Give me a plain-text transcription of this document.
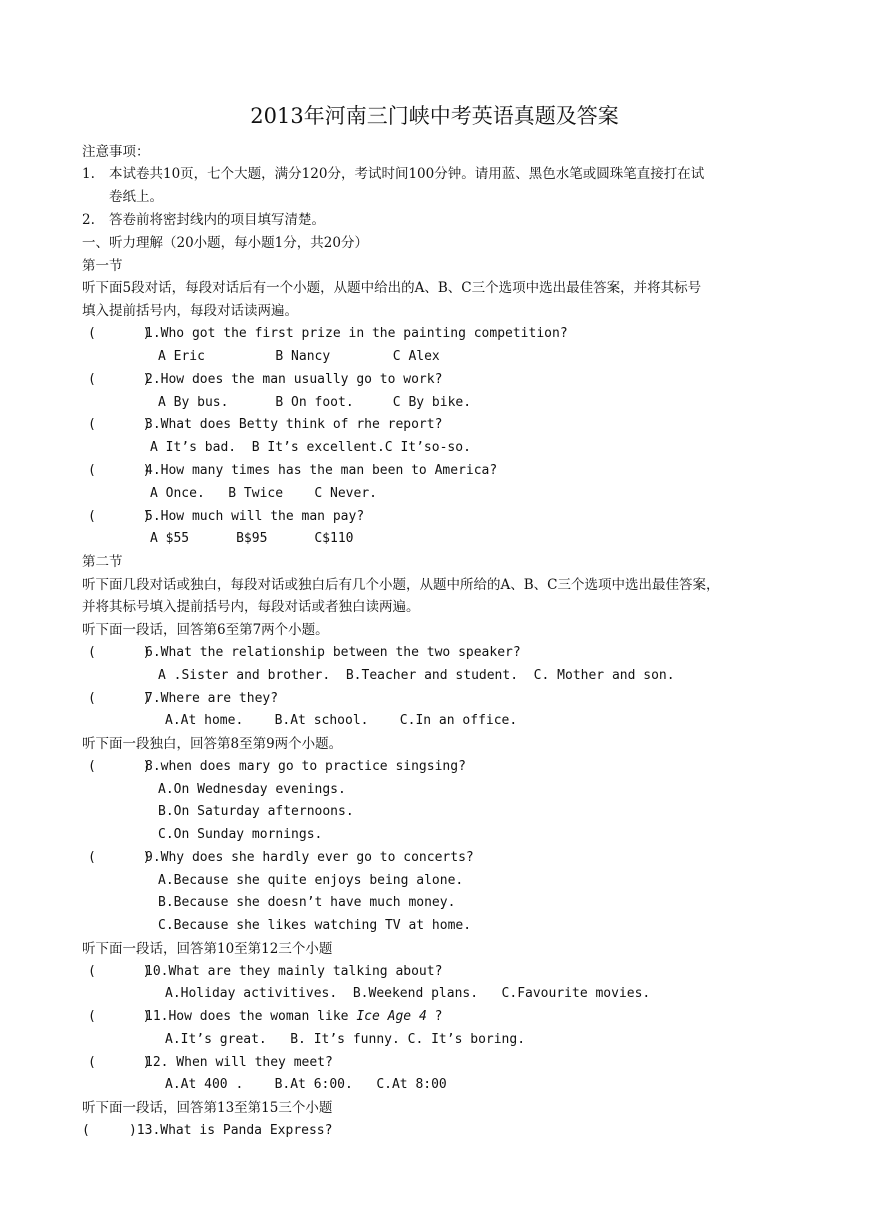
2013年河南三门峡中考英语真题及答案
注意事项：
1. 本试卷共10页，七个大题，满分120分，考试时间100分钟。请用蓝、黑色水笔或圆珠笔直接打在试
卷纸上。
2. 答卷前将密封线内的项目填写清楚。
一、听力理解（20小题，每小题1分，共20分）
第一节
听下面5段对话，每段对话后有一个小题，从题中给出的A、B、C三个选项中选出最佳答案，并将其标号
填入提前括号内，每段对话读两遍。
(      )
1.Who got the first prize in the painting competition?
A Eric         B Nancy        C Alex
(      )
2.How does the man usually go to work?
A By bus.      B On foot.     C By bike.
(      )
3.What does Betty think of rhe report?
A It’s bad.  B It’s excellent.C It’so-so.
(      )
4.How many times has the man been to America?
A Once.   B Twice    C Never.
(      )
5.How much will the man pay?
A $55      B$95      C$110
第二节
听下面几段对话或独白，每段对话或独白后有几个小题，从题中所给的A、B、C三个选项中选出最佳答案，
并将其标号填入提前括号内，每段对话或者独白读两遍。
听下面一段话，回答第6至第7两个小题。
(      )
6.What the relationship between the two speaker?
A .Sister and brother.  B.Teacher and student.  C. Mother and son.
(      )
7.Where are they?
A.At home.    B.At school.    C.In an office.
听下面一段独白，回答第8至第9两个小题。
(      )
8.when does mary go to practice singsing?
A.On Wednesday evenings.
B.On Saturday afternoons.
C.On Sunday mornings.
(      )
9.Why does she hardly ever go to concerts?
A.Because she quite enjoys being alone.
B.Because she doesn’t have much money.
C.Because she likes watching TV at home.
听下面一段话，回答第10至第12三个小题
(      )
10.What are they mainly talking about?
A.Holiday activitives.  B.Weekend plans.   C.Favourite movies.
(      )
11.How does the woman like Ice Age 4 ?
A.It’s great.   B. It’s funny. C. It’s boring.
(      )
12. When will they meet?
A.At 400 .    B.At 6:00.   C.At 8:00
听下面一段话，回答第13至第15三个小题
(     )13.What is Panda Express?
